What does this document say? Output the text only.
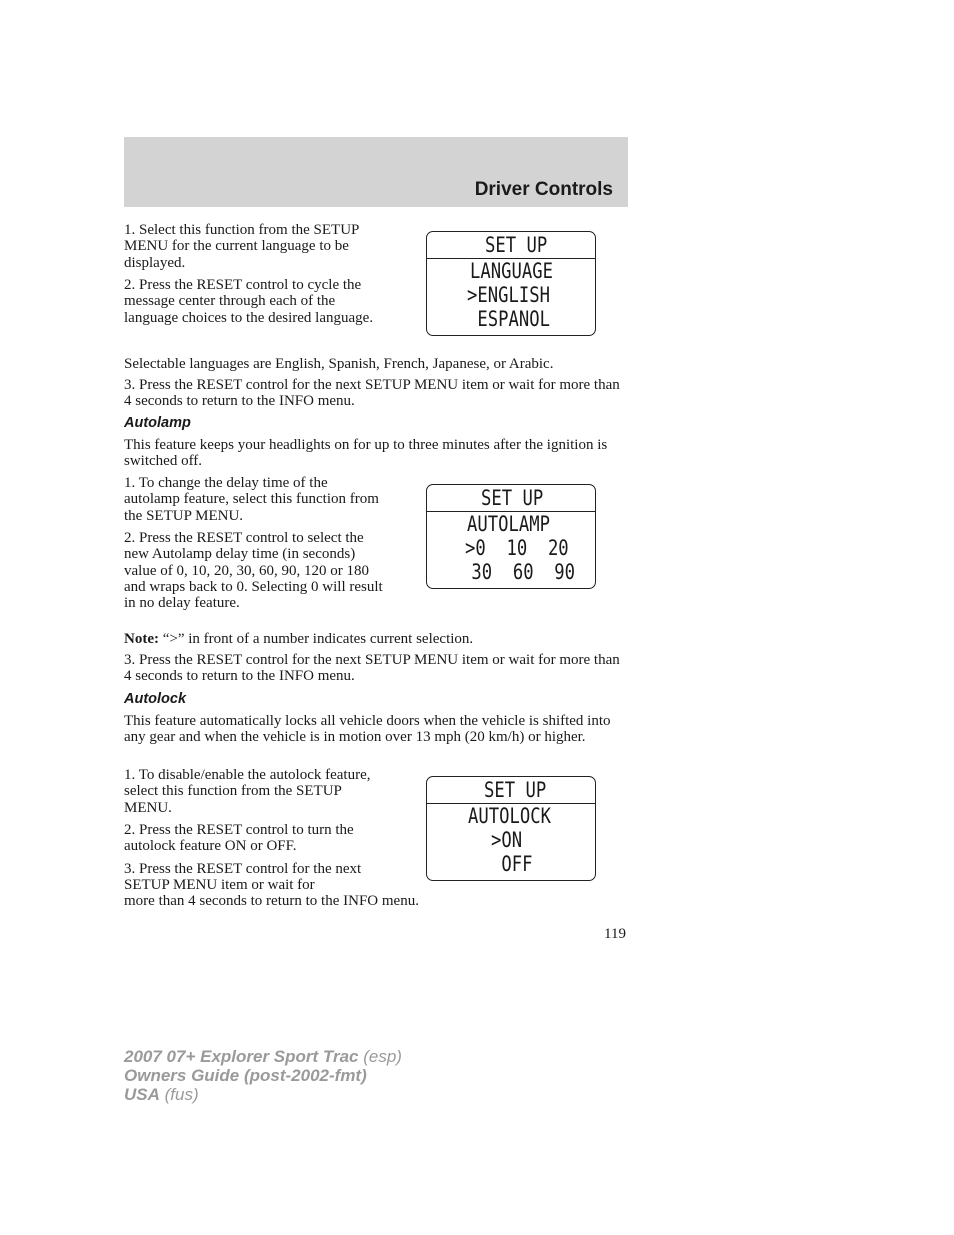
Driver Controls

1. Select this function from the SETUP MENU for the current language to be displayed.

2. Press the RESET control to cycle the message center through each of the language choices to the desired language.

SET UP
LANGUAGE
>ENGLISH
ESPANOL

Selectable languages are English, Spanish, French, Japanese, or Arabic.

3. Press the RESET control for the next SETUP MENU item or wait for more than 4 seconds to return to the INFO menu.

Autolamp

This feature keeps your headlights on for up to three minutes after the ignition is switched off.

1. To change the delay time of the autolamp feature, select this function from the SETUP MENU.

2. Press the RESET control to select the new Autolamp delay time (in seconds) value of 0, 10, 20, 30, 60, 90, 120 or 180 and wraps back to 0. Selecting 0 will result in no delay feature.

SET UP
AUTOLAMP
>0  10  20
30  60  90

Note: “>” in front of a number indicates current selection.

3. Press the RESET control for the next SETUP MENU item or wait for more than 4 seconds to return to the INFO menu.

Autolock

This feature automatically locks all vehicle doors when the vehicle is shifted into any gear and when the vehicle is in motion over 13 mph (20 km/h) or higher.

1. To disable/enable the autolock feature, select this function from the SETUP MENU.

2. Press the RESET control to turn the autolock feature ON or OFF.

3. Press the RESET control for the next SETUP MENU item or wait for

more than 4 seconds to return to the INFO menu.

SET UP
AUTOLOCK
>ON
OFF
119
2007 07+ Explorer Sport Trac (esp)
Owners Guide (post-2002-fmt)
USA (fus)
